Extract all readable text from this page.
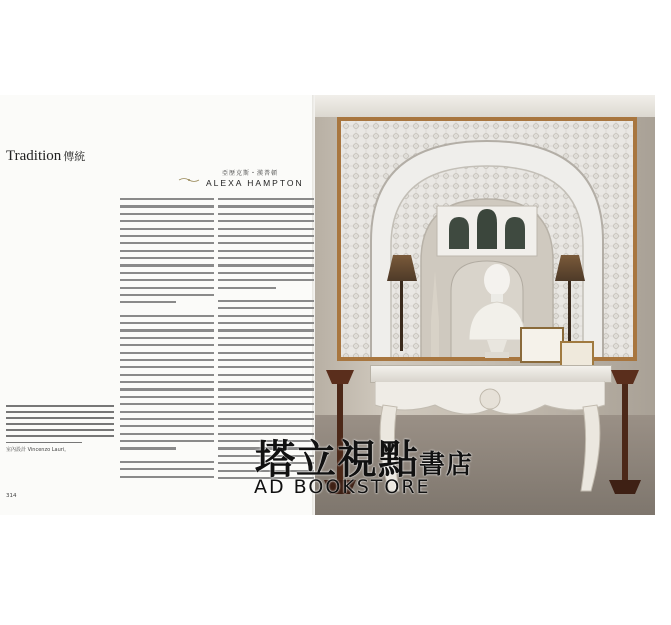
Tradition 傳統
亞歷克斯・漢普頓
ALEXA HAMPTON
室內設計 Vincenzo Lauri。
314
塔立視點書店
AD BOOKSTORE
